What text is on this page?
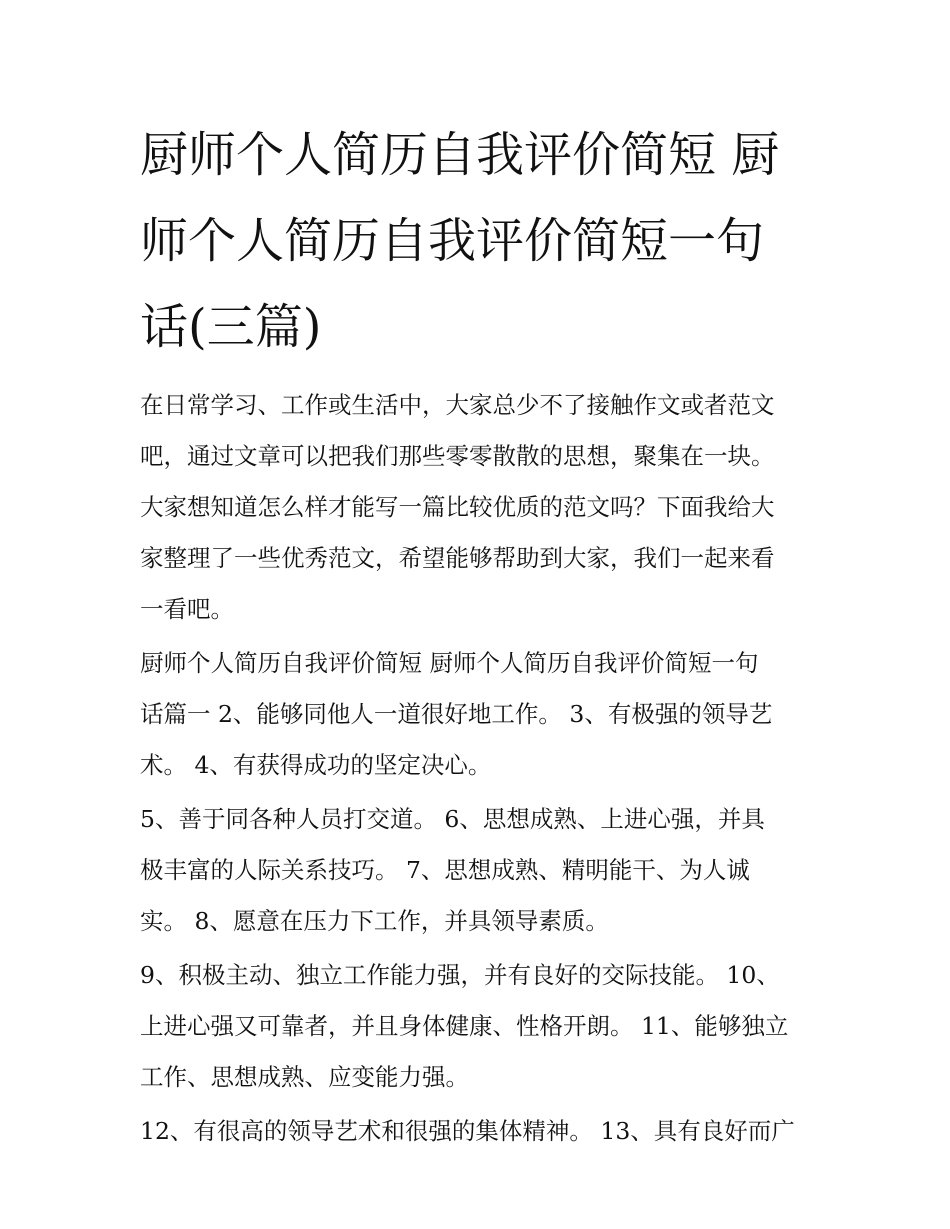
厨师个人简历自我评价简短 厨
师个人简历自我评价简短一句
话(三篇)

在日常学习、工作或生活中，大家总少不了接触作文或者范文
吧，通过文章可以把我们那些零零散散的思想，聚集在一块。
大家想知道怎么样才能写一篇比较优质的范文吗？下面我给大
家整理了一些优秀范文，希望能够帮助到大家，我们一起来看
一看吧。

厨师个人简历自我评价简短 厨师个人简历自我评价简短一句
话篇一 2、能够同他人一道很好地工作。 3、有极强的领导艺
术。 4、有获得成功的坚定决心。

5、善于同各种人员打交道。 6、思想成熟、上进心强，并具
极丰富的人际关系技巧。 7、思想成熟、精明能干、为人诚
实。 8、愿意在压力下工作，并具领导素质。

9、积极主动、独立工作能力强，并有良好的交际技能。 10、
上进心强又可靠者，并且身体健康、性格开朗。 11、能够独立
工作、思想成熟、应变能力强。

12、有很高的领导艺术和很强的集体精神。 13、具有良好而广
